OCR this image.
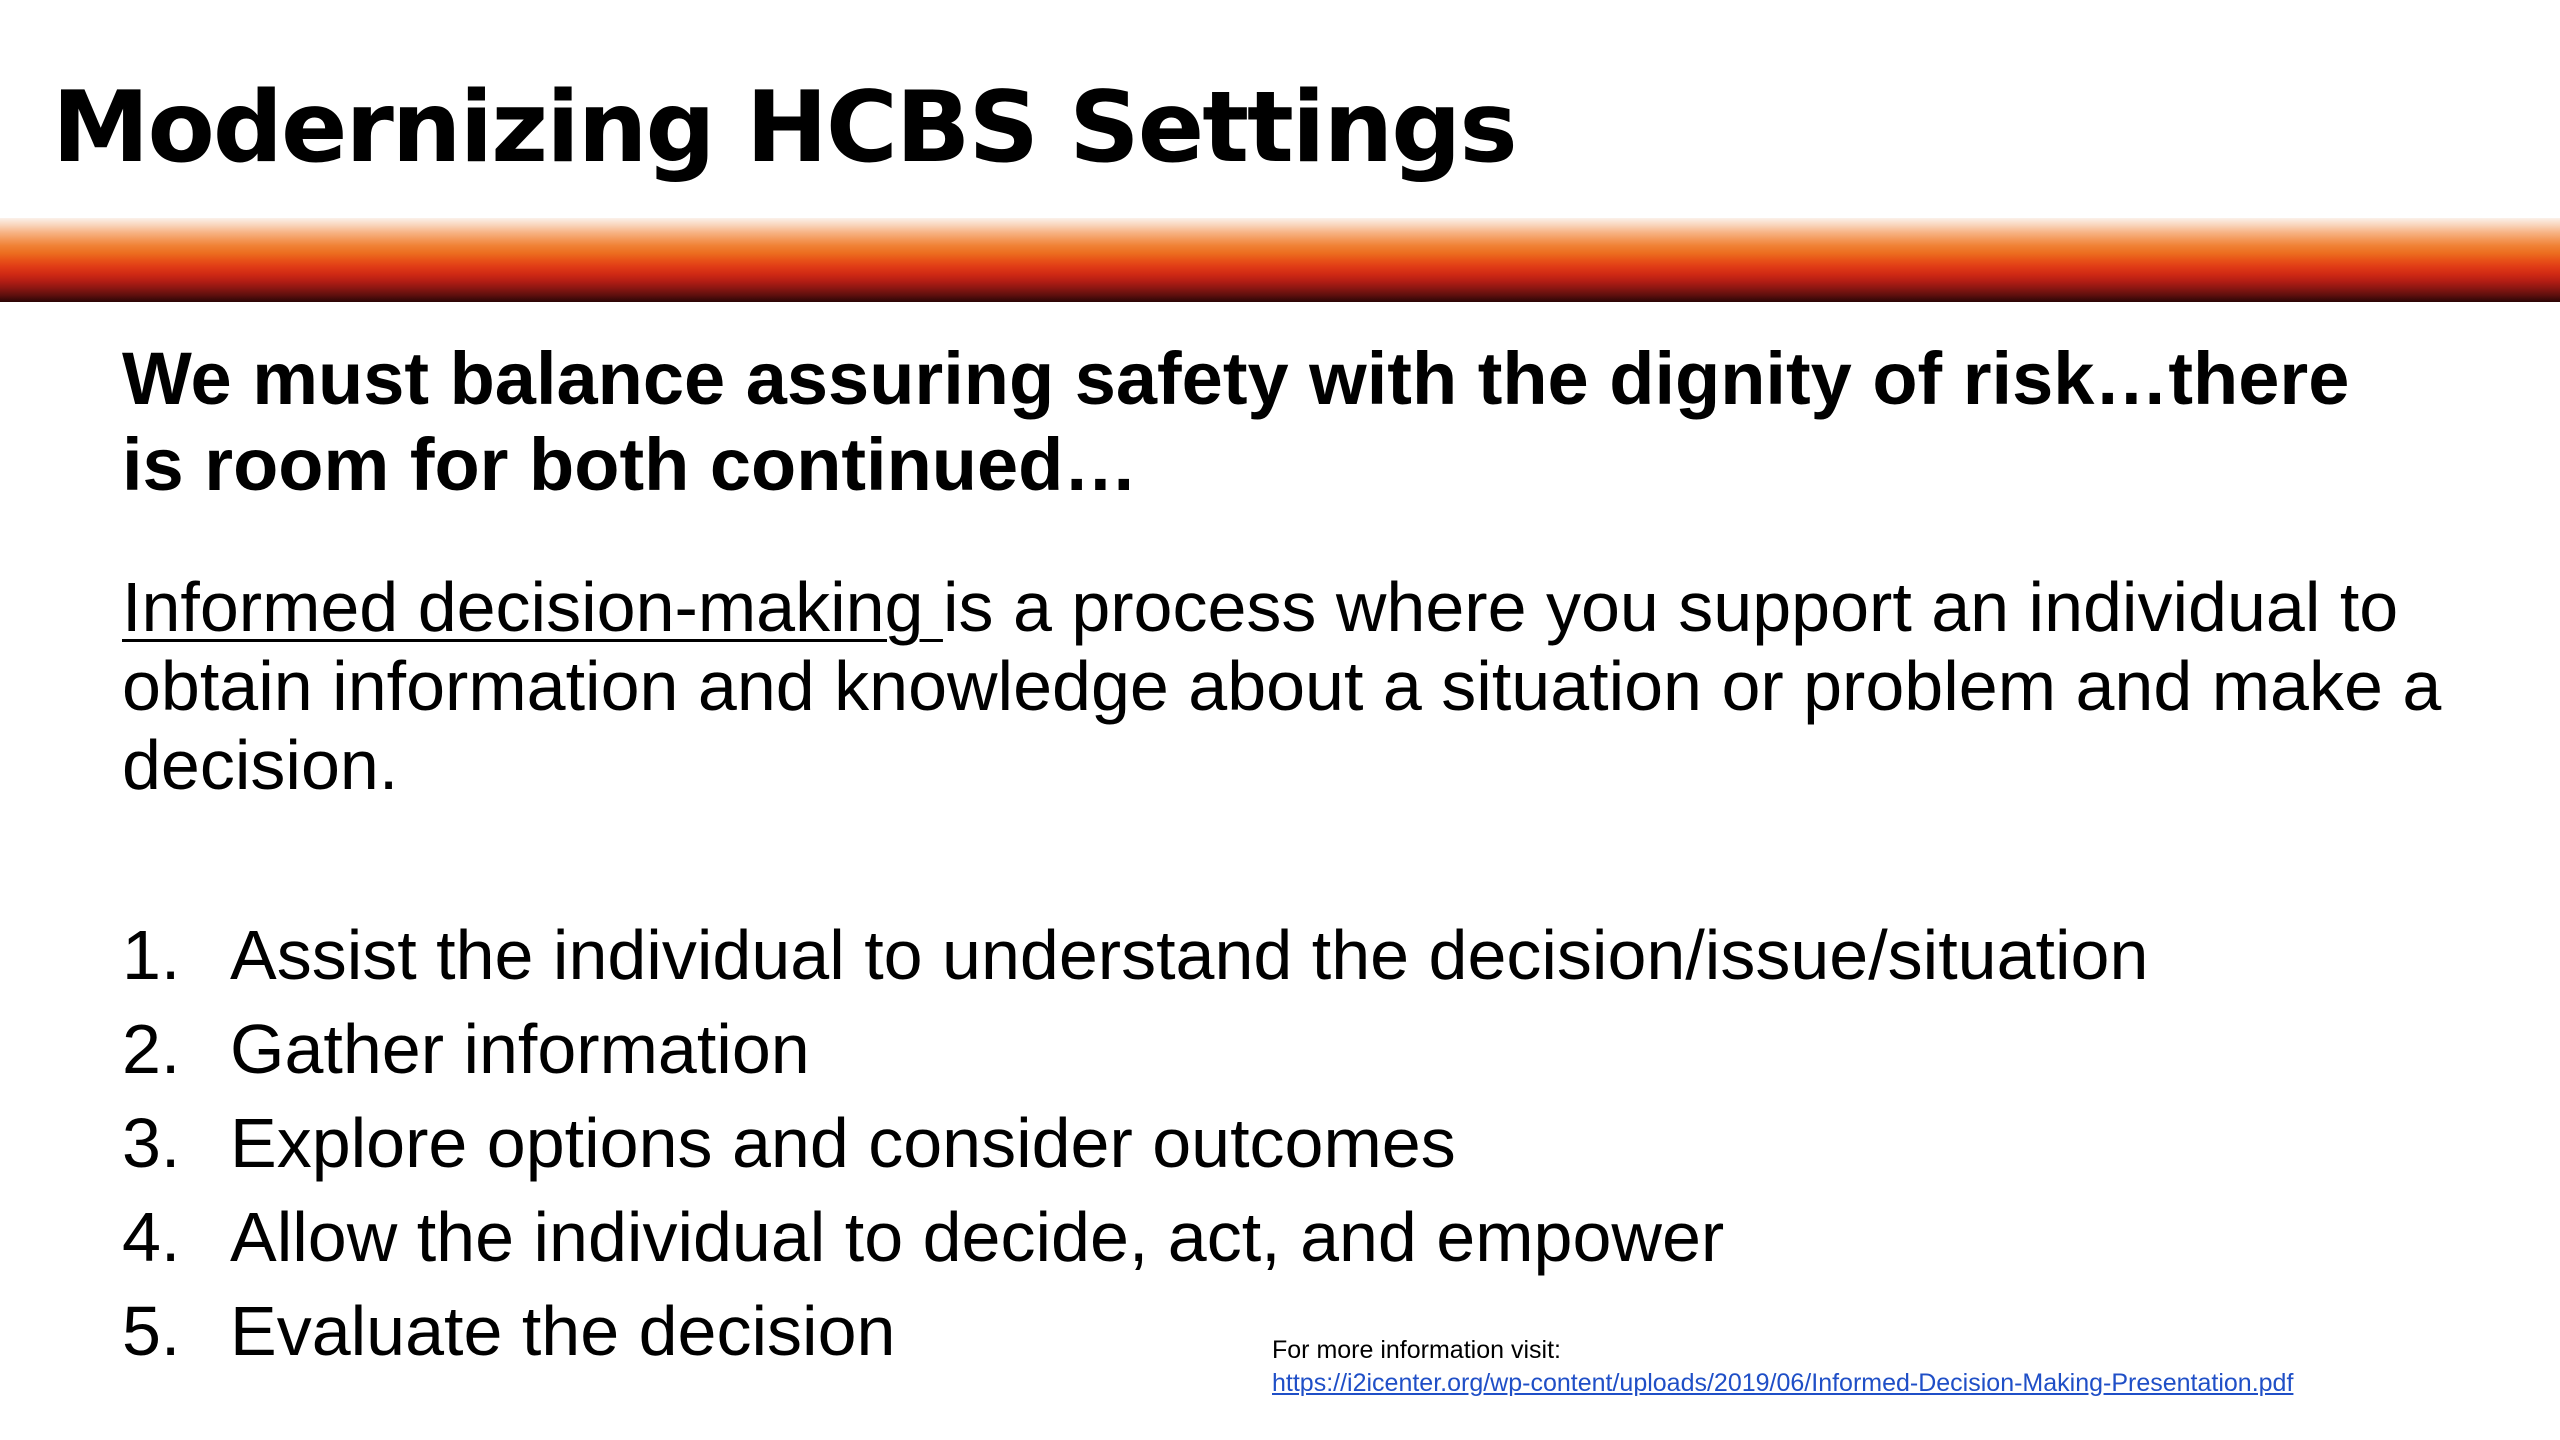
Modernizing HCBS Settings

We must balance assuring safety with the dignity of risk…there is room for both continued…

Informed decision-making is a process where you support an individual to obtain information and knowledge about a situation or problem and make a decision.

1. Assist the individual to understand the decision/issue/situation
2. Gather information
3. Explore options and consider outcomes
4. Allow the individual to decide, act, and empower
5. Evaluate the decision	For more information visit:
https://i2icenter.org/wp-content/uploads/2019/06/Informed-Decision-Making-Presentation.pdf
